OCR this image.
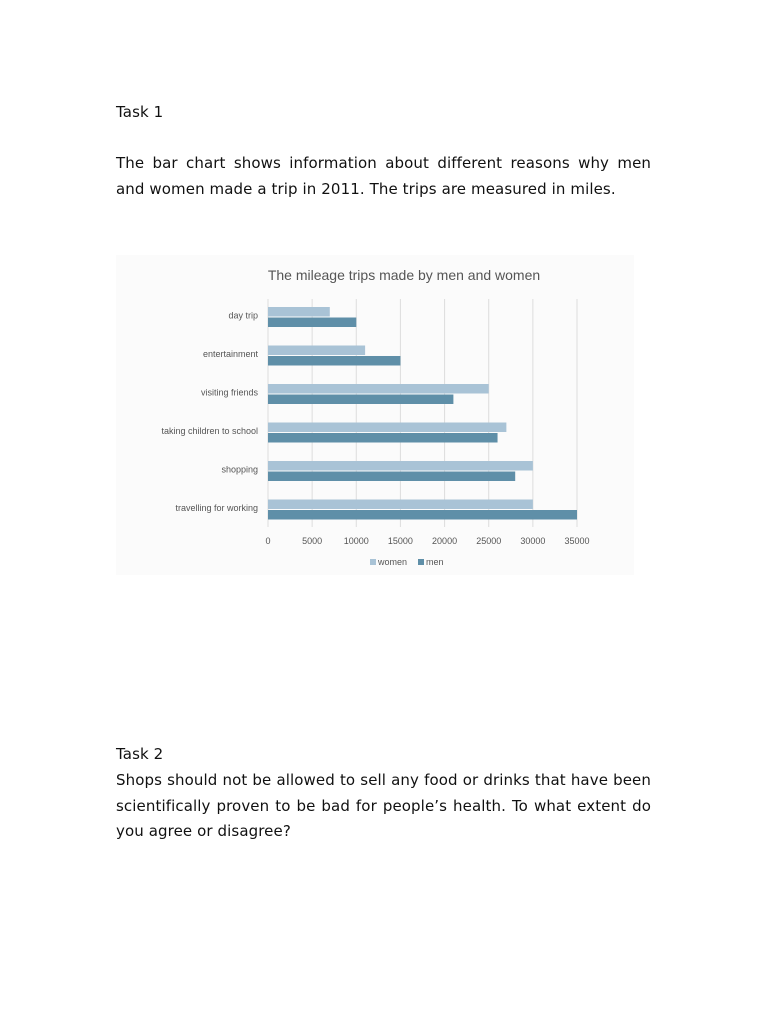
Task 1
The bar chart shows information about different reasons why men and women made a trip in 2011. The trips are measured in miles.
The mileage trips made by men and women
day trip
entertainment
visiting friends
taking children to school
shopping
travelling for working
0	5000 10000 15000 20000 25000 30000 35000
women men
Task 2
Shops should not be allowed to sell any food or drinks that have been scientifically proven to be bad for people’s health. To what extent do you agree or disagree?
